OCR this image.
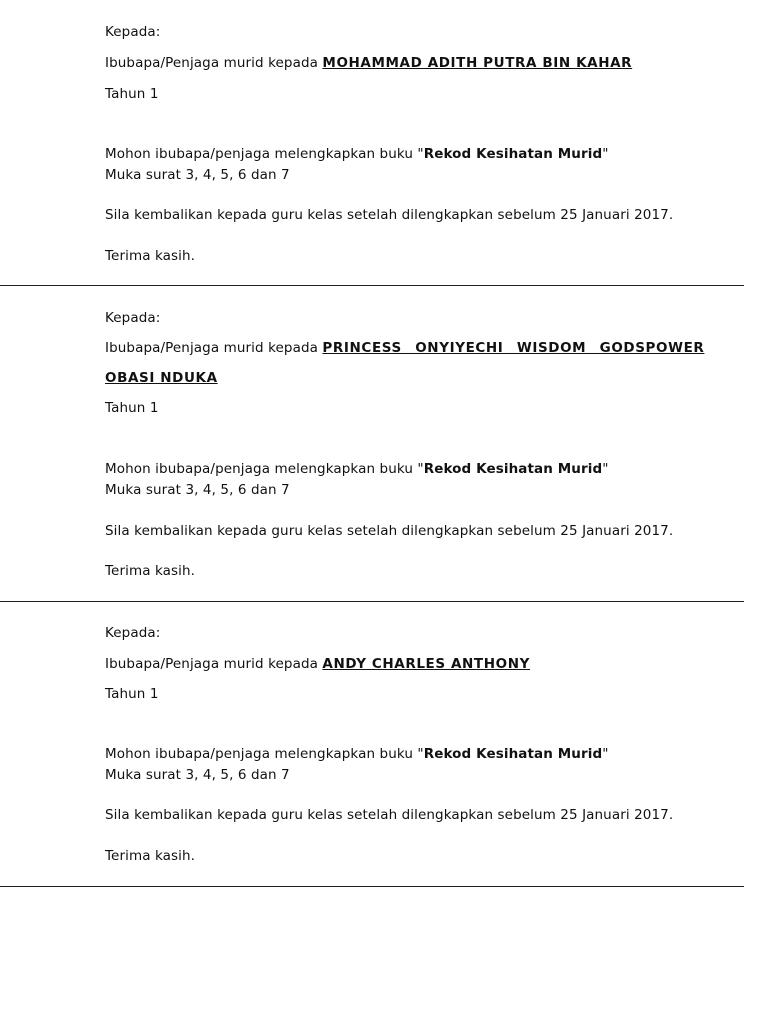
Kepada:
Ibubapa/Penjaga murid kepada MOHAMMAD ADITH PUTRA BIN KAHAR
Tahun 1
Mohon ibubapa/penjaga melengkapkan buku "Rekod Kesihatan Murid"
Muka surat 3, 4, 5, 6 dan 7
Sila kembalikan kepada guru kelas setelah dilengkapkan sebelum 25 Januari 2017.
Terima kasih.
Kepada:
Ibubapa/Penjaga murid kepada PRINCESS ONYIYECHI WISDOM GODSPOWER
OBASI NDUKA
Tahun 1
Mohon ibubapa/penjaga melengkapkan buku "Rekod Kesihatan Murid"
Muka surat 3, 4, 5, 6 dan 7
Sila kembalikan kepada guru kelas setelah dilengkapkan sebelum 25 Januari 2017.
Terima kasih.
Kepada:
Ibubapa/Penjaga murid kepada ANDY CHARLES ANTHONY
Tahun 1
Mohon ibubapa/penjaga melengkapkan buku "Rekod Kesihatan Murid"
Muka surat 3, 4, 5, 6 dan 7
Sila kembalikan kepada guru kelas setelah dilengkapkan sebelum 25 Januari 2017.
Terima kasih.
